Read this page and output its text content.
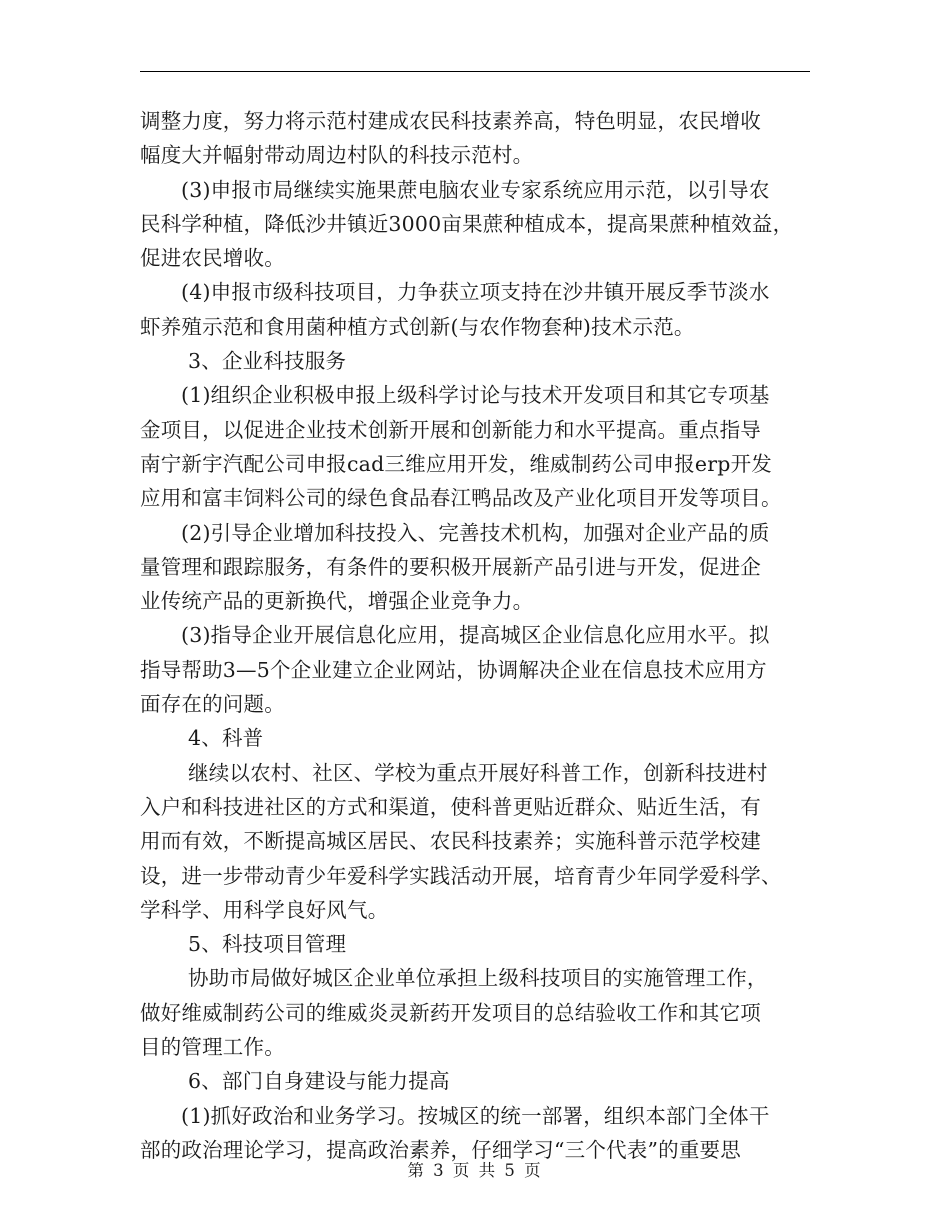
调整力度，努力将示范村建成农民科技素养高，特色明显，农民增收

幅度大并幅射带动周边村队的科技示范村。

(3)申报市局继续实施果蔗电脑农业专家系统应用示范，以引导农

民科学种植，降低沙井镇近3000亩果蔗种植成本，提高果蔗种植效益，

促进农民增收。

(4)申报市级科技项目，力争获立项支持在沙井镇开展反季节淡水

虾养殖示范和食用菌种植方式创新(与农作物套种)技术示范。

3、企业科技服务

(1)组织企业积极申报上级科学讨论与技术开发项目和其它专项基

金项目，以促进企业技术创新开展和创新能力和水平提高。重点指导

南宁新宇汽配公司申报cad三维应用开发，维威制药公司申报erp开发

应用和富丰饲料公司的绿色食品春江鸭品改及产业化项目开发等项目。

(2)引导企业增加科技投入、完善技术机构，加强对企业产品的质

量管理和跟踪服务，有条件的要积极开展新产品引进与开发，促进企

业传统产品的更新换代，增强企业竞争力。

(3)指导企业开展信息化应用，提高城区企业信息化应用水平。拟

指导帮助3—5个企业建立企业网站，协调解决企业在信息技术应用方

面存在的问题。

4、科普

继续以农村、社区、学校为重点开展好科普工作，创新科技进村

入户和科技进社区的方式和渠道，使科普更贴近群众、贴近生活，有

用而有效，不断提高城区居民、农民科技素养；实施科普示范学校建

设，进一步带动青少年爱科学实践活动开展，培育青少年同学爱科学、

学科学、用科学良好风气。

5、科技项目管理

协助市局做好城区企业单位承担上级科技项目的实施管理工作，

做好维威制药公司的维威炎灵新药开发项目的总结验收工作和其它项

目的管理工作。

6、部门自身建设与能力提高

(1)抓好政治和业务学习。按城区的统一部署，组织本部门全体干

部的政治理论学习，提高政治素养，仔细学习“三个代表”的重要思

第 3 页 共 5 页
